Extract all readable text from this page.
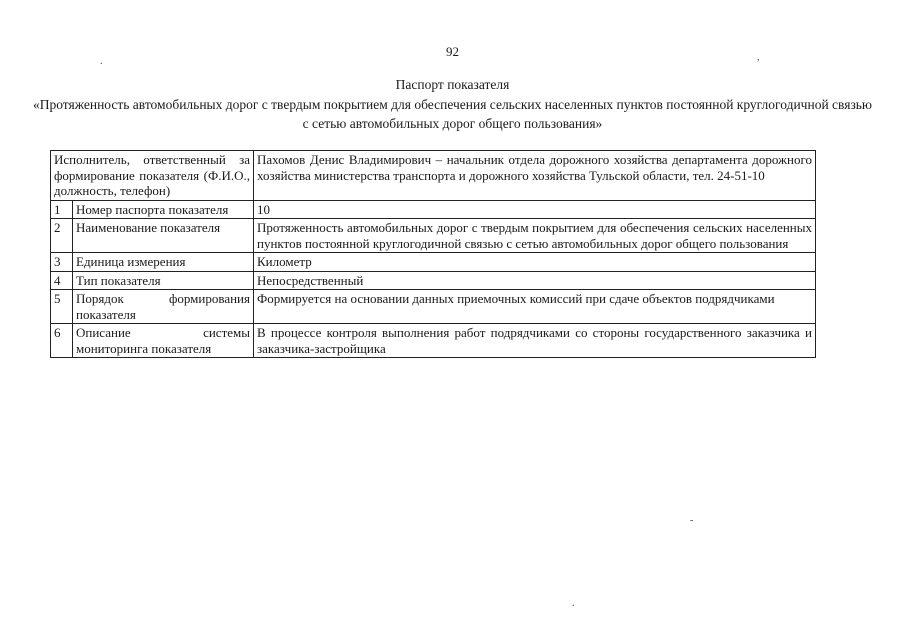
92
Паспорт показателя
«Протяженность автомобильных дорог с твердым покрытием для обеспечения сельских населенных пунктов постоянной круглогодичной связью с сетью автомобильных дорог общего пользования»
Исполнитель, ответственный за формирование показателя (Ф.И.О., должность, телефон)		Пахомов Денис Владимирович – начальник отдела дорожного хозяйства департамента дорожного хозяйства министерства транспорта и дорожного хозяйства Тульской области, тел. 24-51-10
1	Номер паспорта показателя	10
2	Наименование показателя	Протяженность автомобильных дорог с твердым покрытием для обеспечения сельских населенных пунктов постоянной круглогодичной связью с сетью автомобильных дорог общего пользования
3	Единица измерения	Километр
4	Тип показателя	Непосредственный
5	Порядок формирования показателя	Формируется на основании данных приемочных комиссий при сдаче объектов подрядчиками
6	Описание системы мониторинга показателя	В процессе контроля выполнения работ подрядчиками со стороны государственного заказчика и заказчика-застройщика
.	,
-
.
